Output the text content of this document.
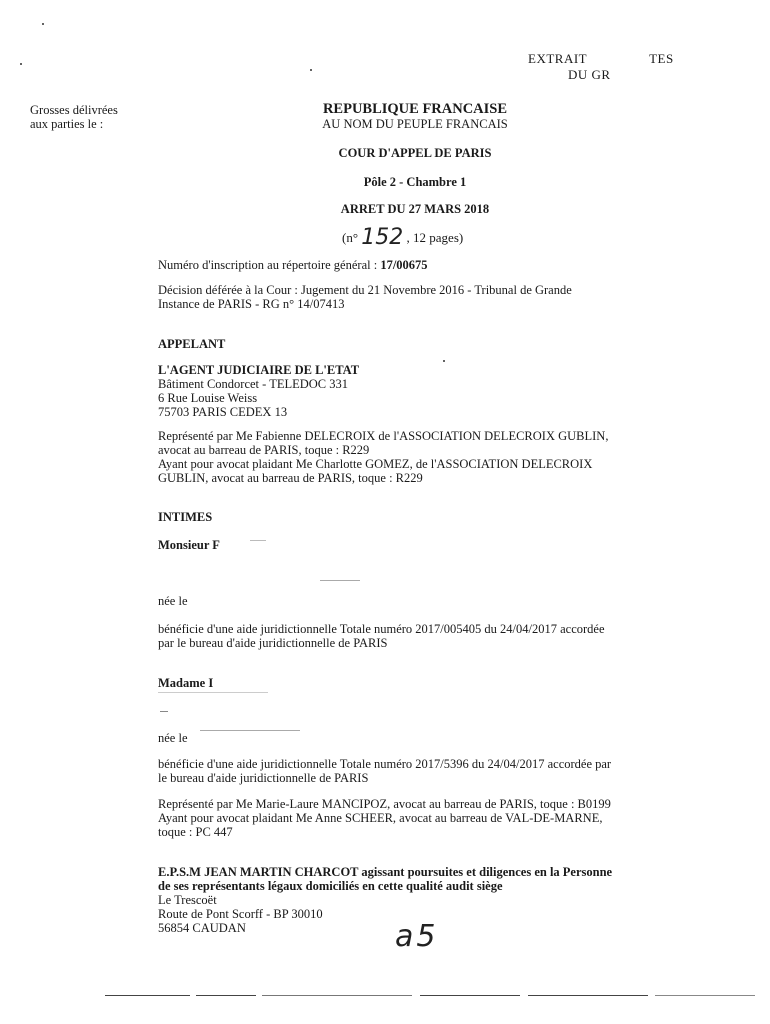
EXTRAIT	TES
DU GR
Grosses délivrées
aux parties le :
REPUBLIQUE FRANCAISE
AU NOM DU PEUPLE FRANCAIS
COUR D'APPEL DE PARIS
Pôle 2 - Chambre 1
ARRET DU 27 MARS 2018
(n° 152 , 12 pages)
Numéro d'inscription au répertoire général : 17/00675
Décision déférée à la Cour : Jugement du 21 Novembre 2016 - Tribunal de Grande
Instance de PARIS - RG n° 14/07413
APPELANT
L'AGENT JUDICIAIRE DE L'ETAT
Bâtiment Condorcet - TELEDOC 331
6 Rue Louise Weiss
75703 PARIS CEDEX 13
Représenté par Me Fabienne DELECROIX de l'ASSOCIATION DELECROIX GUBLIN,
avocat au barreau de PARIS, toque : R229
Ayant pour avocat plaidant Me Charlotte GOMEZ, de l'ASSOCIATION DELECROIX
GUBLIN, avocat au barreau de PARIS, toque : R229
INTIMES
Monsieur F
née le
bénéficie d'une aide juridictionnelle Totale numéro 2017/005405 du 24/04/2017 accordée
par le bureau d'aide juridictionnelle de PARIS
Madame I
née le
bénéficie d'une aide juridictionnelle Totale numéro 2017/5396 du 24/04/2017 accordée par
le bureau d'aide juridictionnelle de PARIS
Représenté par Me Marie-Laure MANCIPOZ, avocat au barreau de PARIS, toque : B0199
Ayant pour avocat plaidant Me Anne SCHEER, avocat au barreau de VAL-DE-MARNE,
toque : PC 447
E.P.S.M JEAN MARTIN CHARCOT agissant poursuites et diligences en la Personne
de ses représentants légaux domiciliés en cette qualité audit siège
Le Trescoët
Route de Pont Scorff - BP 30010
56854 CAUDAN	a5
